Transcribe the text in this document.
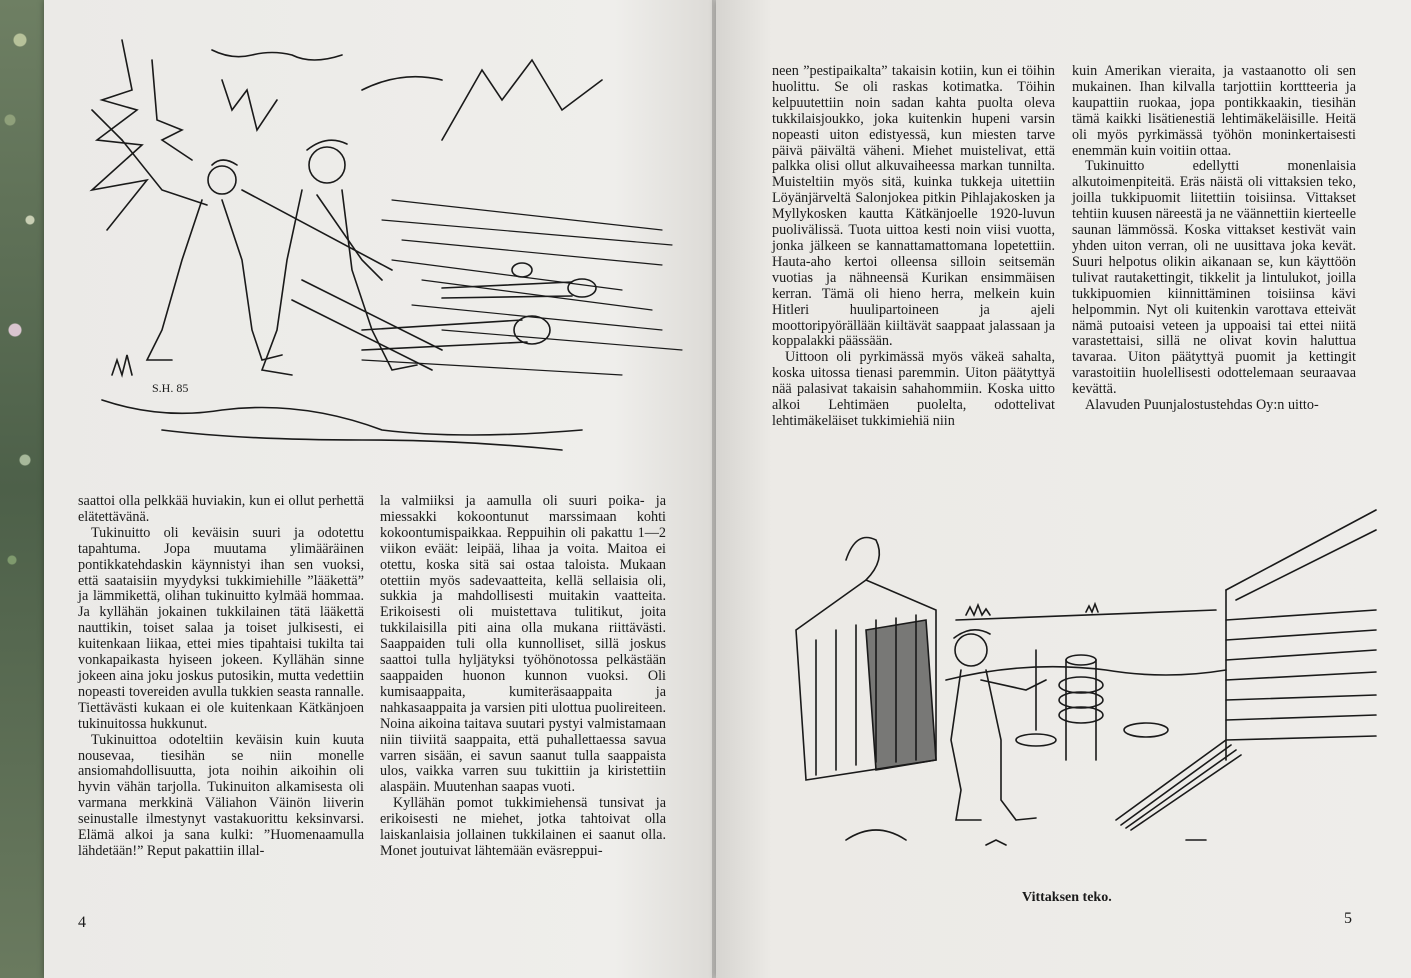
S.H. 85

saattoi olla pelkkää huviakin, kun ei ollut perhettä elätettävänä.

Tukinuitto oli keväisin suuri ja odotettu tapahtuma. Jopa muutama ylimääräinen pontikkatehdaskin käynnistyi ihan sen vuoksi, että saataisiin myydyksi tukkimiehille ”lääkettä” ja lämmikettä, olihan tukinuitto kylmää hommaa. Ja kyllähän jokainen tukkilainen tätä lääkettä nauttikin, toiset salaa ja toiset julkisesti, ei kuitenkaan liikaa, ettei mies tipahtaisi tukilta tai vonkapaikasta hyiseen jokeen. Kyllähän sinne jokeen aina joku joskus putosikin, mutta vedettiin nopeasti tovereiden avulla tukkien seasta rannalle. Tiettävästi kukaan ei ole kuitenkaan Kätkänjoen tukinuitossa hukkunut.

Tukinuittoa odoteltiin keväisin kuin kuuta nousevaa, tiesihän se niin monelle ansiomahdollisuutta, jota noihin aikoihin oli hyvin vähän tarjolla. Tukinuiton alkamisesta oli varmana merkkinä Väliahon Väinön liiverin seinustalle ilmestynyt vastakuorittu keksinvarsi. Elämä alkoi ja sana kulki: ”Huomenaamulla lähdetään!” Reput pakattiin illal-

la valmiiksi ja aamulla oli suuri poika- ja miessakki kokoontunut marssimaan kohti kokoontumispaikkaa. Reppuihin oli pakattu 1—2 viikon eväät: leipää, lihaa ja voita. Maitoa ei otettu, koska sitä sai ostaa taloista. Mukaan otettiin myös sadevaatteita, kellä sellaisia oli, sukkia ja mahdollisesti muitakin vaatteita. Erikoisesti oli muistettava tulitikut, joita tukkilaisilla piti aina olla mukana riittävästi. Saappaiden tuli olla kunnolliset, sillä joskus saattoi tulla hyljätyksi työhönotossa pelkästään saappaiden huonon kunnon vuoksi. Oli kumisaappaita, kumiteräsaappaita ja nahkasaappaita ja varsien piti ulottua puolireiteen. Noina aikoina taitava suutari pystyi valmistamaan niin tiiviitä saappaita, että puhallettaessa savua varren sisään, ei savun saanut tulla saappaista ulos, vaikka varren suu tukittiin ja kiristettiin alaspäin. Muutenhan saapas vuoti.

Kyllähän pomot tukkimiehensä tunsivat ja erikoisesti ne miehet, jotka tahtoivat olla laiskanlaisia jollainen tukkilainen ei saanut olla. Monet joutuivat lähtemään eväsreppui-

4

neen ”pestipaikalta” takaisin kotiin, kun ei töihin huolittu. Se oli raskas kotimatka. Töihin kelpuutettiin noin sadan kahta puolta oleva tukkilaisjoukko, joka kuitenkin hupeni varsin nopeasti uiton edistyessä, kun miesten tarve päivä päivältä väheni. Miehet muistelivat, että palkka olisi ollut alkuvaiheessa markan tunnilta. Muisteltiin myös sitä, kuinka tukkeja uitettiin Löyänjärveltä Salonjokea pitkin Pihlajakosken ja Myllykosken kautta Kätkänjoelle 1920-luvun puolivälissä. Tuota uittoa kesti noin viisi vuotta, jonka jälkeen se kannattamattomana lopetettiin. Hauta-aho kertoi olleensa silloin seitsemän vuotias ja nähneensä Kurikan ensimmäisen kerran. Tämä oli hieno herra, melkein kuin Hitleri huulipartoineen ja ajeli moottoripyörällään kiiltävät saappaat jalassaan ja koppalakki päässään.

Uittoon oli pyrkimässä myös väkeä sahalta, koska uitossa tienasi paremmin. Uiton päätyttyä nää palasivat takaisin sahahommiin. Koska uitto alkoi Lehtimäen puolelta, odottelivat lehtimäkeläiset tukkimiehiä niin

kuin Amerikan vieraita, ja vastaanotto oli sen mukainen. Ihan kilvalla tarjottiin korttteeria ja kaupattiin ruokaa, jopa pontikkaakin, tiesihän tämä kaikki lisätienestiä lehtimäkeläisille. Heitä oli myös pyrkimässä työhön moninkertaisesti enemmän kuin voitiin ottaa.

Tukinuitto edellytti monenlaisia alkutoimenpiteitä. Eräs näistä oli vittaksien teko, joilla tukkipuomit liitettiin toisiinsa. Vittakset tehtiin kuusen näreestä ja ne väännettiin kierteelle saunan lämmössä. Koska vittakset kestivät vain yhden uiton verran, oli ne uusittava joka kevät. Suuri helpotus olikin aikanaan se, kun käyttöön tulivat rautakettingit, tikkelit ja lintulukot, joilla tukkipuomien kiinnittäminen toisiinsa kävi helpommin. Nyt oli kuitenkin varottava etteivät nämä putoaisi veteen ja uppoaisi tai ettei niitä varastettaisi, sillä ne olivat kovin haluttua tavaraa. Uiton päätyttyä puomit ja kettingit varastoitiin huolellisesti odottelemaan seuraavaa kevättä.

Alavuden Puunjalostustehdas Oy:n uitto-

Vittaksen teko.
5
